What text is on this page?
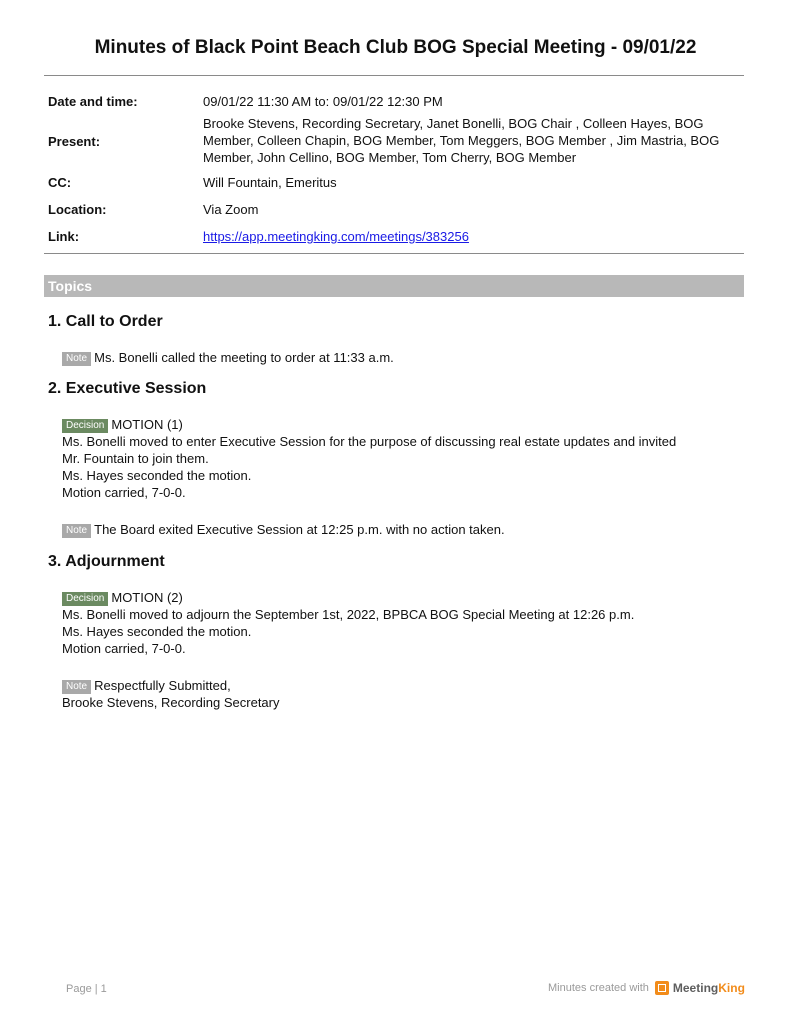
Minutes of Black Point Beach Club BOG Special Meeting - 09/01/22
Date and time:	09/01/22 11:30 AM to: 09/01/22 12:30 PM
Present:
Brooke Stevens, Recording Secretary, Janet Bonelli, BOG Chair , Colleen Hayes, BOG Member, Colleen Chapin, BOG Member, Tom Meggers, BOG Member , Jim Mastria, BOG Member, John Cellino, BOG Member, Tom Cherry, BOG Member
CC:	Will Fountain, Emeritus
Location:	Via Zoom
Link:	https://app.meetingking.com/meetings/383256
Topics
1. Call to Order
Note Ms. Bonelli called the meeting to order at 11:33 a.m.
2. Executive Session
Decision MOTION (1)
Ms. Bonelli moved to enter Executive Session for the purpose of discussing real estate updates and invited
Mr. Fountain to join them.
Ms. Hayes seconded the motion.
Motion carried, 7-0-0.
Note The Board exited Executive Session at 12:25 p.m. with no action taken.
3. Adjournment
Decision MOTION (2)
Ms. Bonelli moved to adjourn the September 1st, 2022, BPBCA BOG Special Meeting at 12:26 p.m.
Ms. Hayes seconded the motion.
Motion carried, 7-0-0.
Note Respectfully Submitted,
Brooke Stevens, Recording Secretary
Page | 1	Minutes created with MeetingKing
